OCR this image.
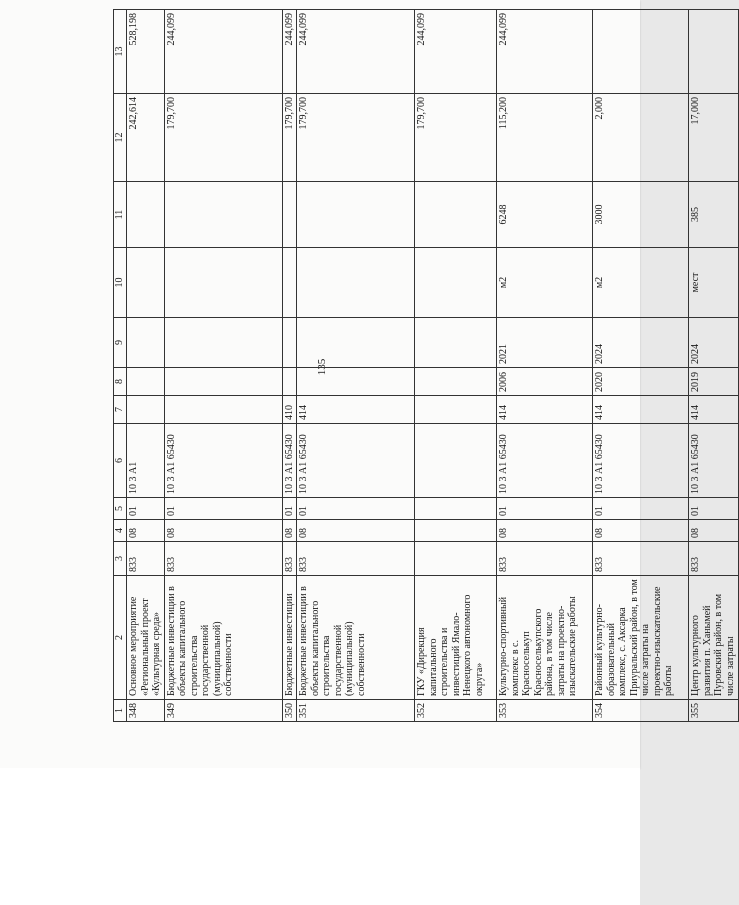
135
1	2	3	4	5	6	7	8	9	10	11	12	13
348	Основное мероприятие «Региональный проект «Культурная среда»	833	08	01	10 3 А1						242,614	528,198
349	Бюджетные инвестиции в объекты капитального строительства государственной (муниципальной) собственности	833	08	01	10 3 А1 65430						179,700	244,099
350	Бюджетные инвестиции	833	08	01	10 3 А1 65430	410					179,700	244,099
351	Бюджетные инвестиции в объекты капитального строительства государственной (муниципальной) собственности	833	08	01	10 3 А1 65430	414					179,700	244,099
352	ГКУ «Дирекция капитального строительства и инвестиций Ямало-Ненецкого автономного округа»										179,700	244,099
353	Культурно-спортивный комплекс в с. Красноселькуп Красноселькупского района, в том числе затраты на проектно-изыскательские работы	833	08	01	10 3 А1 65430	414	2006	2021	м2	6248	115,200	244,099
354	Районный культурно-образовательный комплекс, с. Аксарка Приуральский район, в том числе затраты на проектно-изыскательские работы	833	08	01	10 3 А1 65430	414	2020	2024	м2	3000	2,000	
355	Центр культурного развития п. Ханымей Пуровский район, в том числе затраты	833	08	01	10 3 А1 65430	414	2019	2024	мест	385	17,000	
